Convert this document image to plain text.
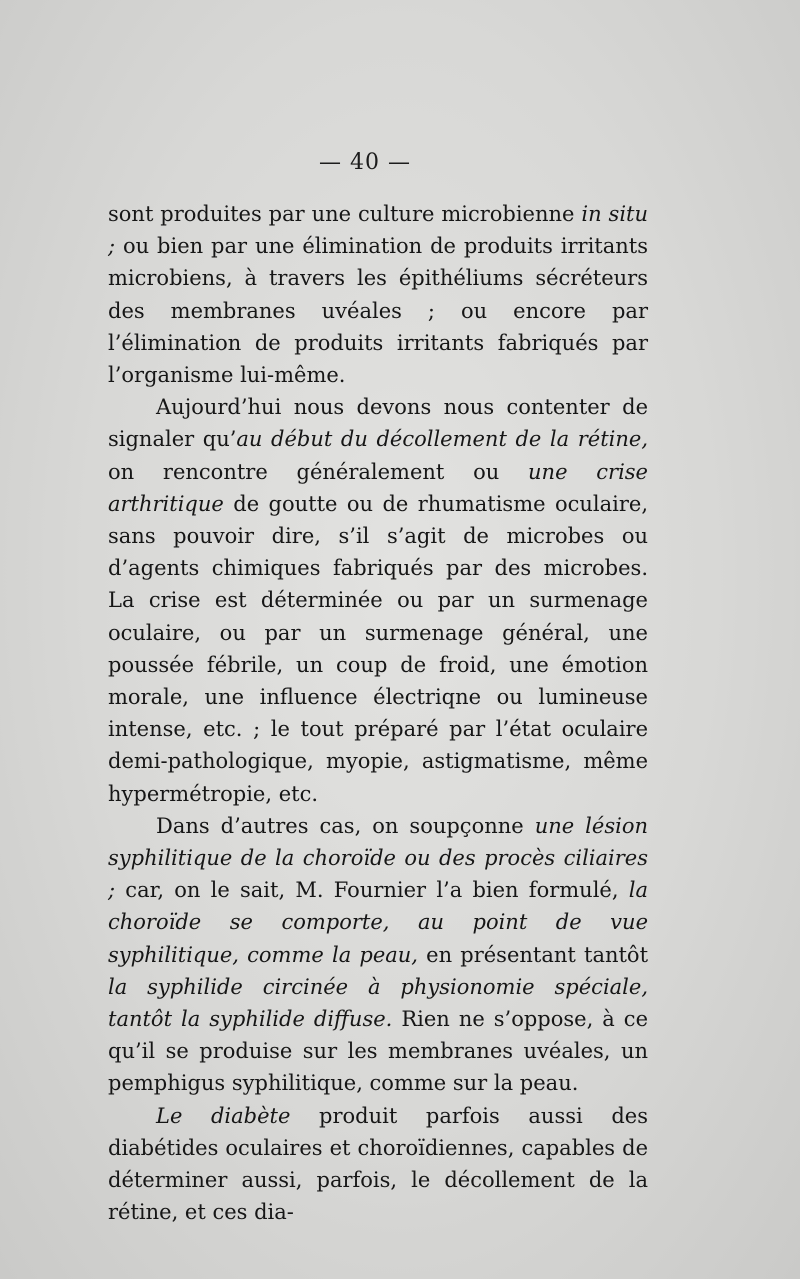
— 40 —

sont produites par une culture microbienne in situ ; ou bien par une élimination de produits irritants microbiens, à travers les épithéliums sécréteurs des membranes uvéales ; ou encore par l’élimination de produits irritants fabriqués par l’organisme lui-même.

Aujourd’hui nous devons nous contenter de signaler qu’au début du décollement de la rétine, on rencontre généralement ou une crise arthritique de goutte ou de rhumatisme oculaire, sans pouvoir dire, s’il s’agit de microbes ou d’agents chimiques fabriqués par des microbes. La crise est déterminée ou par un surmenage oculaire, ou par un surmenage général, une poussée fébrile, un coup de froid, une émotion morale, une influence électriqne ou lumineuse intense, etc. ; le tout préparé par l’état oculaire demi-pathologique, myopie, astigmatisme, même hypermétropie, etc.

Dans d’autres cas, on soupçonne une lésion syphilitique de la choroïde ou des procès ciliaires ; car, on le sait, M. Fournier l’a bien formulé, la choroïde se comporte, au point de vue syphilitique, comme la peau, en présentant tantôt la syphilide circinée à physionomie spéciale, tantôt la syphilide diffuse. Rien ne s’oppose, à ce qu’il se produise sur les membranes uvéales, un pemphigus syphilitique, comme sur la peau.

Le diabète produit parfois aussi des diabétides oculaires et choroïdiennes, capables de déterminer aussi, parfois, le décollement de la rétine, et ces dia-
